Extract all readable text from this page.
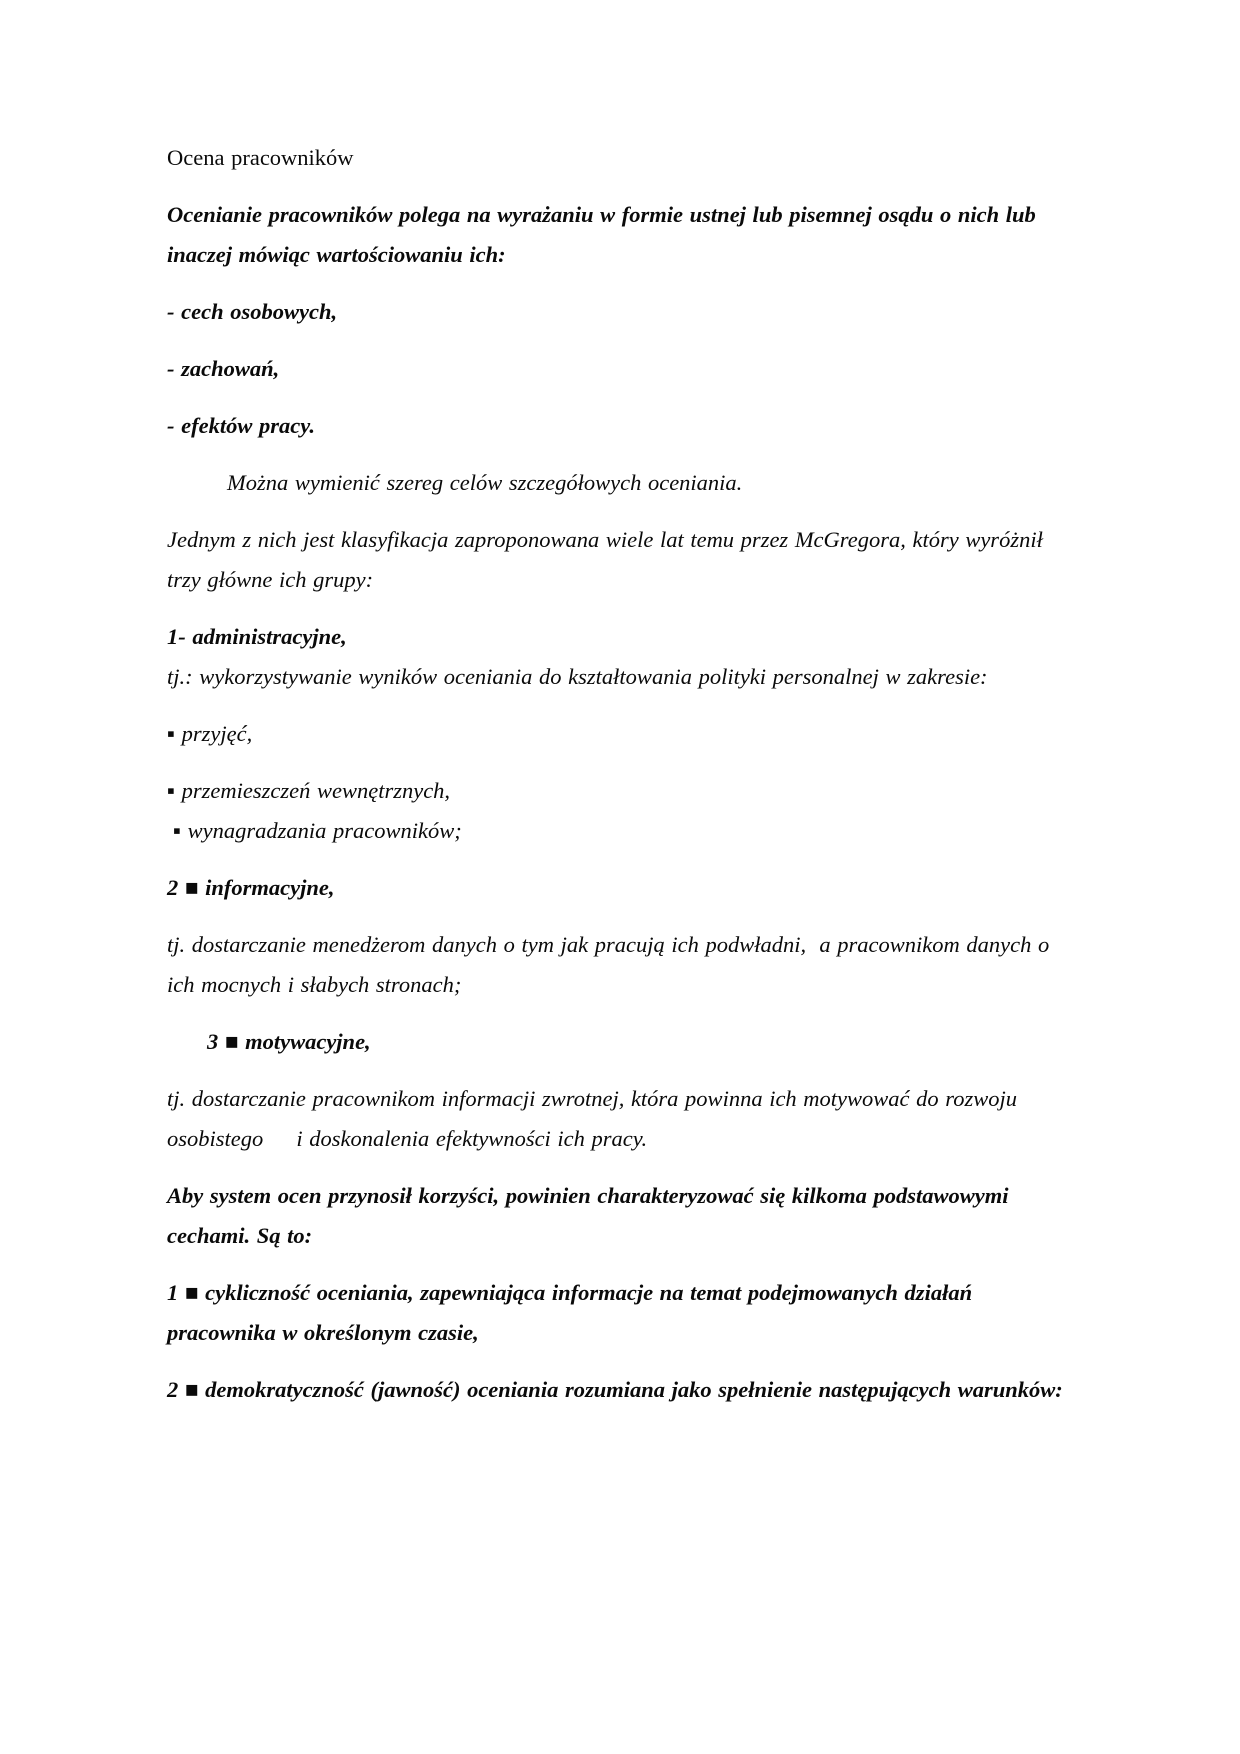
Ocena pracowników

Ocenianie pracowników polega na wyrażaniu w formie ustnej lub pisemnej osądu o nich lub inaczej mówiąc wartościowaniu ich:

- cech osobowych,

- zachowań,

- efektów pracy.

Można wymienić szereg celów szczegółowych oceniania.

Jednym z nich jest klasyfikacja zaproponowana wiele lat temu przez McGregora, który wyróżnił trzy główne ich grupy:

1- administracyjne,

tj.: wykorzystywanie wyników oceniania do kształtowania polityki personalnej w zakresie:

▪ przyjęć,

▪ przemieszczeń wewnętrznych,

▪ wynagradzania pracowników;

2 ■ informacyjne,

tj. dostarczanie menedżerom danych o tym jak pracują ich podwładni,  a pracownikom danych o ich mocnych i słabych stronach;

3 ■ motywacyjne,

tj. dostarczanie pracownikom informacji zwrotnej, która powinna ich motywować do rozwoju osobistego     i doskonalenia efektywności ich pracy.

Aby system ocen przynosił korzyści, powinien charakteryzować się kilkoma podstawowymi cechami. Są to:

1 ■ cykliczność oceniania, zapewniająca informacje na temat podejmowanych działań pracownika w określonym czasie,

2 ■ demokratyczność (jawność) oceniania rozumiana jako spełnienie następujących warunków:
